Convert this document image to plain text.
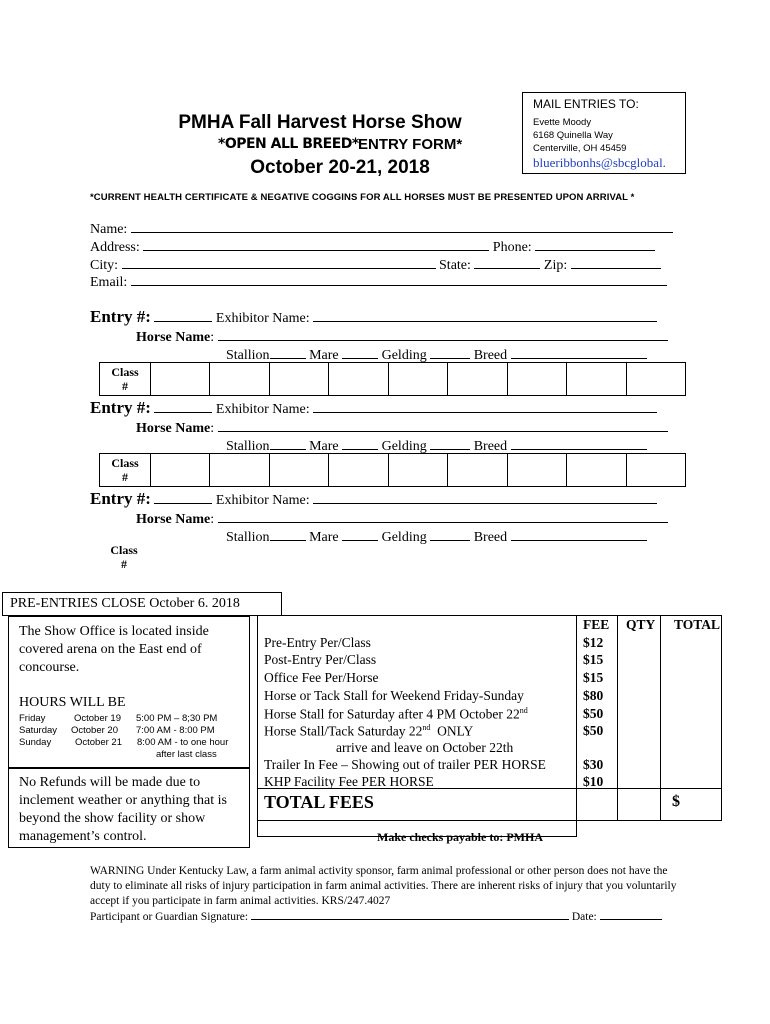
PMHA Fall Harvest Horse Show
*OPEN ALL BREED* ENTRY FORM*
October 20-21, 2018
MAIL ENTRIES TO:
Evette Moody
6168 Quinella Way
Centerville, OH 45459
blueribbonhs@sbcglobal.
*CURRENT HEALTH CERTIFICATE & NEGATIVE COGGINS FOR ALL HORSES MUST BE PRESENTED UPON ARRIVAL *
Name:
Address:	Phone:
City:	State:	Zip:
Email:
Entry #:	Exhibitor Name:
Horse Name:
Stallion	Mare	Gelding	Breed
Class
#									
Entry #:	Exhibitor Name:
Horse Name:
Stallion	Mare	Gelding	Breed
Class
#									
Entry #:	Exhibitor Name:
Horse Name:
Stallion	Mare	Gelding	Breed
Class
#
PRE-ENTRIES CLOSE October 6. 2018
The Show Office is located inside covered arena on the East end of concourse.
HOURS WILL BE
Friday	October 19 5:00 PM – 8;30 PM
Saturday October 20 7:00 AM - 8:00 PM
Sunday	October 21 8:00 AM - to one hour
after last class
No Refunds will be made due to inclement weather or anything that is beyond the show facility or show management’s control.

FEE QTY TOTAL
Pre-Entry Per/Class	$12
Post-Entry Per/Class	$15
Office Fee Per/Horse	$15
Horse or Tack Stall for Weekend Friday-Sunday	$80
Horse Stall for Saturday after 4 PM October 22nd	$50
Horse Stall/Tack Saturday 22nd  ONLY	$50
arrive and leave on October 22th
Trailer In Fee – Showing out of trailer PER HORSE	$30
KHP Facility Fee PER HORSE	$10
TOTAL FEES	$
Make checks payable to: PMHA
WARNING Under Kentucky Law, a farm animal activity sponsor, farm animal professional or other person does not have the duty to eliminate all risks of injury participation in farm animal activities. There are inherent risks of injury that you voluntarily accept if you participate in farm animal activities. KRS/247.4027
Participant or Guardian Signature:	Date:
